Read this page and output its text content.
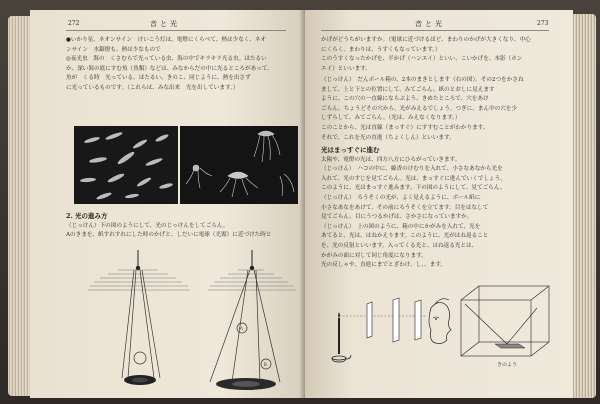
272	音と光
●いかり星、ネオンサイン　けいこう灯は、電燈にくらべて、熱は少なく、ネオ
ンサイン　水銀燈も、熱は少なもので
◎夜光虫　海の　くさむらで光っている虫、海の中でキラキラ光る虫。ほたるい
か、深い海の底にすむ魚（魚類）などは、みなからだの中に光るところがあって、
魚が　くる時　光っている。ほたるい、きのこ、同じように、熱を出さず
に光っているものです。（これらは、みな出来　光を出しています。）
2. 光の進み方
（じっけん）下の図のようにして、光のじっけんをしてごらん。
Aのきまを、紙すれすれにした時のかげと、しだいに電球（光源）に近づけた時と
A
B
音と光	273
かげがどうちがいますか。（電球に近づけるほど、まわりのかげが大きくなり、中心
にくらく、まわりは、うすくもなっています。）
このうすくなったかげを、半かげ（ハンエイ）といい、こいかげを、本影（ホン
エイ）といいます。
（じっけん）　だんボール箱の、2本のまきとします（右の図）。その2つをかさね
まして、上と下との位置にして、みてごらん。紙のとおしに見えます
ように、この穴の一直線にならぶよう、きめたところで、穴をあけ
ごらん。ちょうどその穴から、光がみえるでしょう。つぎに、まん中の穴を少
しずらして、みてごらん。（光は、みえなくなります。）
このことから、光は直線（まっすぐ）にすすむことがわかります。
それで、これを光の直進（ちょくしん）といいます。
光はまっすぐに進む
太陽や、電燈の光は、四方八方にひろがっていきます。
（じっけん）　ハコの中に、線香のけむりを入れて、小さなあなから光を
入れて、光のすじを見てごらん。光は、まっすぐに進んでいくでしょう。
このように、光はまっすぐ進みます。下の図のようにして、見てごらん。
（じっけん）　ろうそくの光が、よく見えるように、ボール紙に
小さなあなをあけて、その前にろうそくを立てます。目をはなして
見てごらん。目にうつるかげは、さかさになっていますか。
（じっけん）　上の図のように、箱の中にかがみを入れて、光を
あてると、光は、はねかえります。このように、光がはね返ること
を、光の反射といいます。入ってくる光と、はね返る光とは、
かがみの面に対して同じ角度になります。
光の反しゃや、直進にまでとざわけ、し、、ます。
きのよう
